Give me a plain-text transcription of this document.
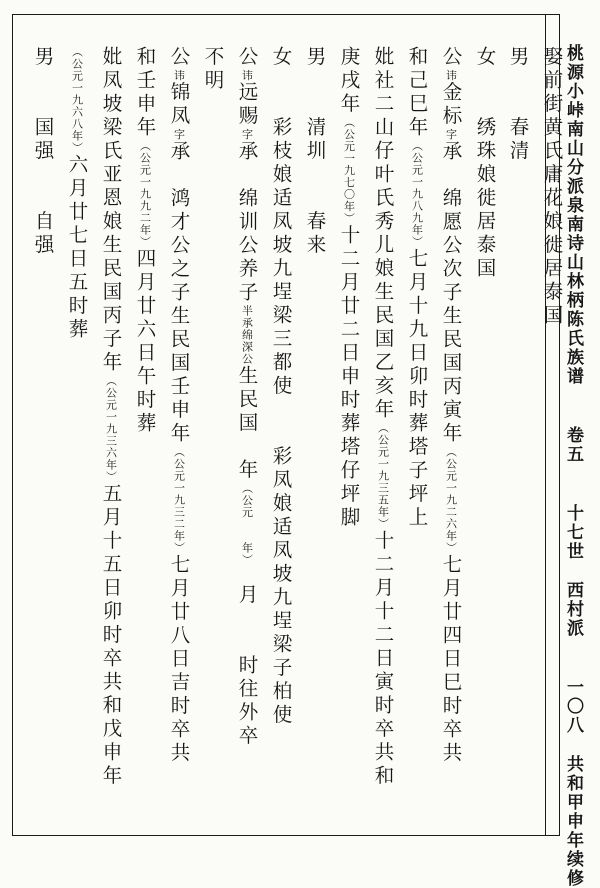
娶前街黄氏庸花娘徙居泰国
男　　春清
女　　绣珠娘徙居泰国
公讳金标字承　绵愿公次子生民国丙寅年（公元一九二六年）七月廿四日巳时卒共
和己巳年（公元一九八九年）七月十九日卯时葬塔子坪上
妣社二山仔叶氏秀儿娘生民国乙亥年（公元一九三五年）十二月十二日寅时卒共和
庚戌年（公元一九七〇年）十二月廿二日申时葬塔仔坪脚
男　　清圳　　春来
女　　彩枝娘适凤坡九埕梁三都使　　彩凤娘适凤坡九埕梁子柏使
公讳远赐字承　绵训公养子半承绵深公生民国　年（公元　年）　月　　时往外卒
不明
公讳锦凤字承　鸿才公之子生民国壬申年（公元一九三二年）七月廿八日吉时卒共
和壬申年（公元一九九二年）四月廿六日午时葬
妣凤坡梁氏亚恩娘生民国丙子年（公元一九三六年）五月十五日卯时卒共和戊申年
（公元一九六八年）六月廿七日五时葬
男　　国强　　自强	桃源小峠南山分派泉南诗山林柄陈氏族谱卷五十七世西村派一〇八共和甲申年续修
